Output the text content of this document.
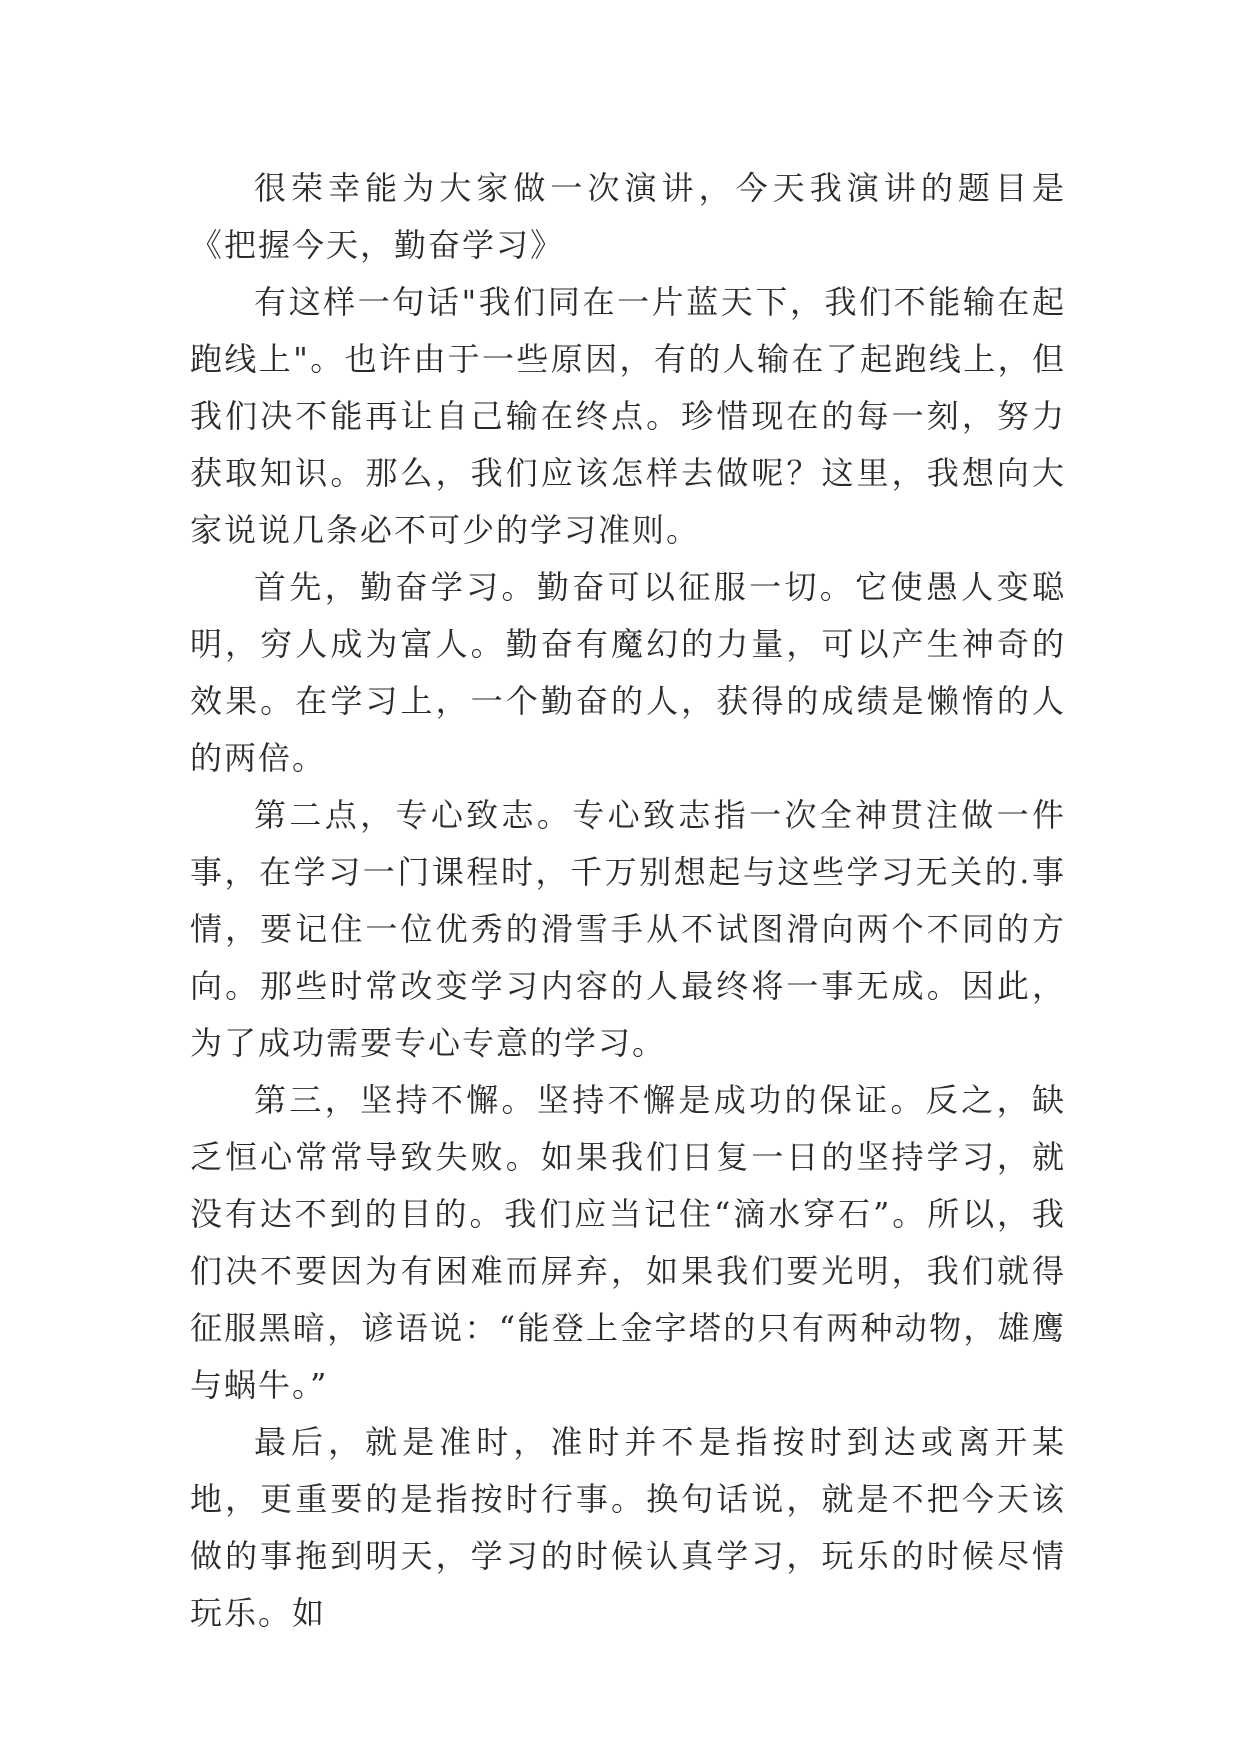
很荣幸能为大家做一次演讲，今天我演讲的题目是《把握今天，勤奋学习》

有这样一句话"我们同在一片蓝天下，我们不能输在起跑线上"。也许由于一些原因，有的人输在了起跑线上，但我们决不能再让自己输在终点。珍惜现在的每一刻，努力获取知识。那么，我们应该怎样去做呢？这里，我想向大家说说几条必不可少的学习准则。

首先，勤奋学习。勤奋可以征服一切。它使愚人变聪明，穷人成为富人。勤奋有魔幻的力量，可以产生神奇的效果。在学习上，一个勤奋的人，获得的成绩是懒惰的人的两倍。

第二点，专心致志。专心致志指一次全神贯注做一件事，在学习一门课程时，千万别想起与这些学习无关的.事情，要记住一位优秀的滑雪手从不试图滑向两个不同的方向。那些时常改变学习内容的人最终将一事无成。因此，为了成功需要专心专意的学习。

第三，坚持不懈。坚持不懈是成功的保证。反之，缺乏恒心常常导致失败。如果我们日复一日的坚持学习，就没有达不到的目的。我们应当记住“滴水穿石”。所以，我们决不要因为有困难而屏弃，如果我们要光明，我们就得征服黑暗，谚语说：“能登上金字塔的只有两种动物，雄鹰与蜗牛。”

最后，就是准时，准时并不是指按时到达或离开某地，更重要的是指按时行事。换句话说，就是不把今天该做的事拖到明天，学习的时候认真学习，玩乐的时候尽情玩乐。如
